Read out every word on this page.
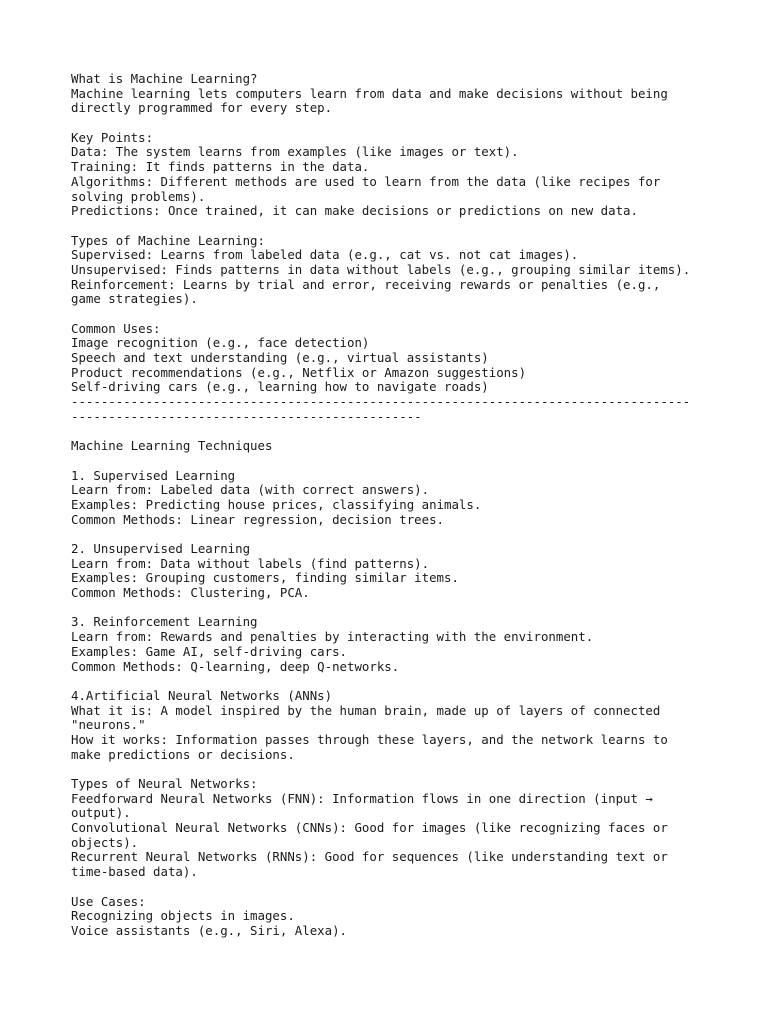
What is Machine Learning?
Machine learning lets computers learn from data and make decisions without being
directly programmed for every step.
Key Points:
Data: The system learns from examples (like images or text).
Training: It finds patterns in the data.
Algorithms: Different methods are used to learn from the data (like recipes for
solving problems).
Predictions: Once trained, it can make decisions or predictions on new data.
Types of Machine Learning:
Supervised: Learns from labeled data (e.g., cat vs. not cat images).
Unsupervised: Finds patterns in data without labels (e.g., grouping similar items).
Reinforcement: Learns by trial and error, receiving rewards or penalties (e.g.,
game strategies).
Common Uses:
Image recognition (e.g., face detection)
Speech and text understanding (e.g., virtual assistants)
Product recommendations (e.g., Netflix or Amazon suggestions)
Self-driving cars (e.g., learning how to navigate roads)
-----------------------------------------------------------------------------------
-----------------------------------------------
Machine Learning Techniques
1. Supervised Learning
Learn from: Labeled data (with correct answers).
Examples: Predicting house prices, classifying animals.
Common Methods: Linear regression, decision trees.
2. Unsupervised Learning
Learn from: Data without labels (find patterns).
Examples: Grouping customers, finding similar items.
Common Methods: Clustering, PCA.
3. Reinforcement Learning
Learn from: Rewards and penalties by interacting with the environment.
Examples: Game AI, self-driving cars.
Common Methods: Q-learning, deep Q-networks.
4.Artificial Neural Networks (ANNs)
What it is: A model inspired by the human brain, made up of layers of connected
"neurons."
How it works: Information passes through these layers, and the network learns to
make predictions or decisions.
Types of Neural Networks:
Feedforward Neural Networks (FNN): Information flows in one direction (input →
output).
Convolutional Neural Networks (CNNs): Good for images (like recognizing faces or
objects).
Recurrent Neural Networks (RNNs): Good for sequences (like understanding text or
time-based data).
Use Cases:
Recognizing objects in images.
Voice assistants (e.g., Siri, Alexa).
